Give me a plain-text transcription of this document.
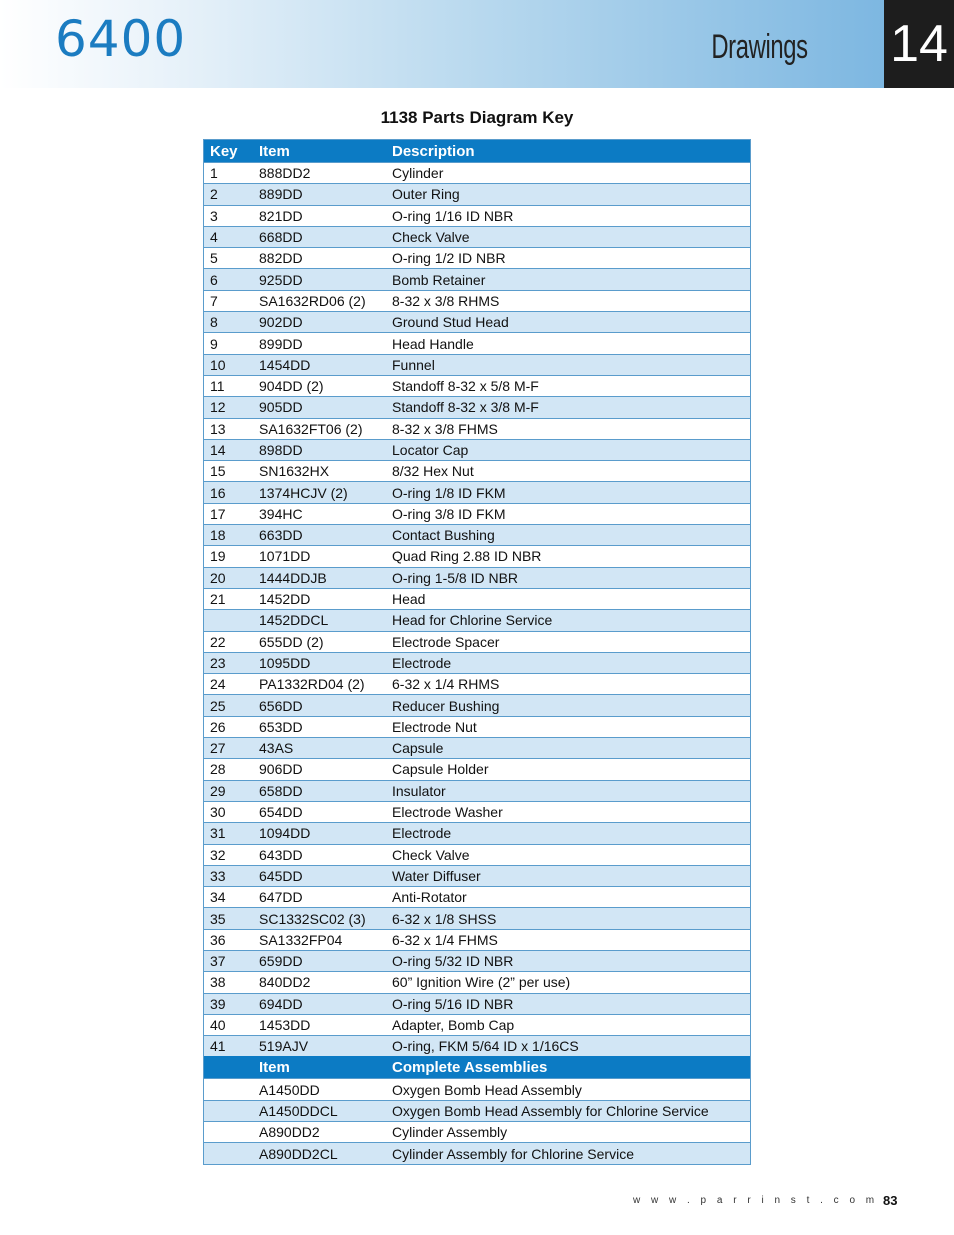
6400	Drawings 14
1138 Parts Diagram Key
Key	Item	Description
1	888DD2	Cylinder
2	889DD	Outer Ring
3	821DD	O-ring 1/16 ID NBR
4	668DD	Check Valve
5	882DD	O-ring 1/2 ID NBR
6	925DD	Bomb Retainer
7	SA1632RD06 (2)	8-32 x 3/8 RHMS
8	902DD	Ground Stud Head
9	899DD	Head Handle
10	1454DD	Funnel
11	904DD (2)	Standoff 8-32 x 5/8 M-F
12	905DD	Standoff 8-32 x 3/8 M-F
13	SA1632FT06 (2)	8-32 x 3/8 FHMS
14	898DD	Locator Cap
15	SN1632HX	8/32 Hex Nut
16	1374HCJV (2)	O-ring 1/8 ID FKM
17	394HC	O-ring 3/8 ID FKM
18	663DD	Contact Bushing
19	1071DD	Quad Ring 2.88 ID NBR
20	1444DDJB	O-ring 1-5/8 ID NBR
21	1452DD	Head
	1452DDCL	Head for Chlorine Service
22	655DD (2)	Electrode Spacer
23	1095DD	Electrode
24	PA1332RD04 (2)	6-32 x 1/4 RHMS
25	656DD	Reducer Bushing
26	653DD	Electrode Nut
27	43AS	Capsule
28	906DD	Capsule Holder
29	658DD	Insulator
30	654DD	Electrode Washer
31	1094DD	Electrode
32	643DD	Check Valve
33	645DD	Water Diffuser
34	647DD	Anti-Rotator
35	SC1332SC02 (3)	6-32 x 1/8 SHSS
36	SA1332FP04	6-32 x 1/4 FHMS
37	659DD	O-ring 5/32 ID NBR
38	840DD2	60” Ignition Wire (2” per use)
39	694DD	O-ring 5/16 ID NBR
40	1453DD	Adapter, Bomb Cap
41	519AJV	O-ring, FKM 5/64 ID x 1/16CS
	Item	Complete Assemblies
	A1450DD	Oxygen Bomb Head Assembly
	A1450DDCL	Oxygen Bomb Head Assembly for Chlorine Service
	A890DD2	Cylinder Assembly
	A890DD2CL	Cylinder Assembly for Chlorine Service
w w w . p a r r i n s t . c o m 83
